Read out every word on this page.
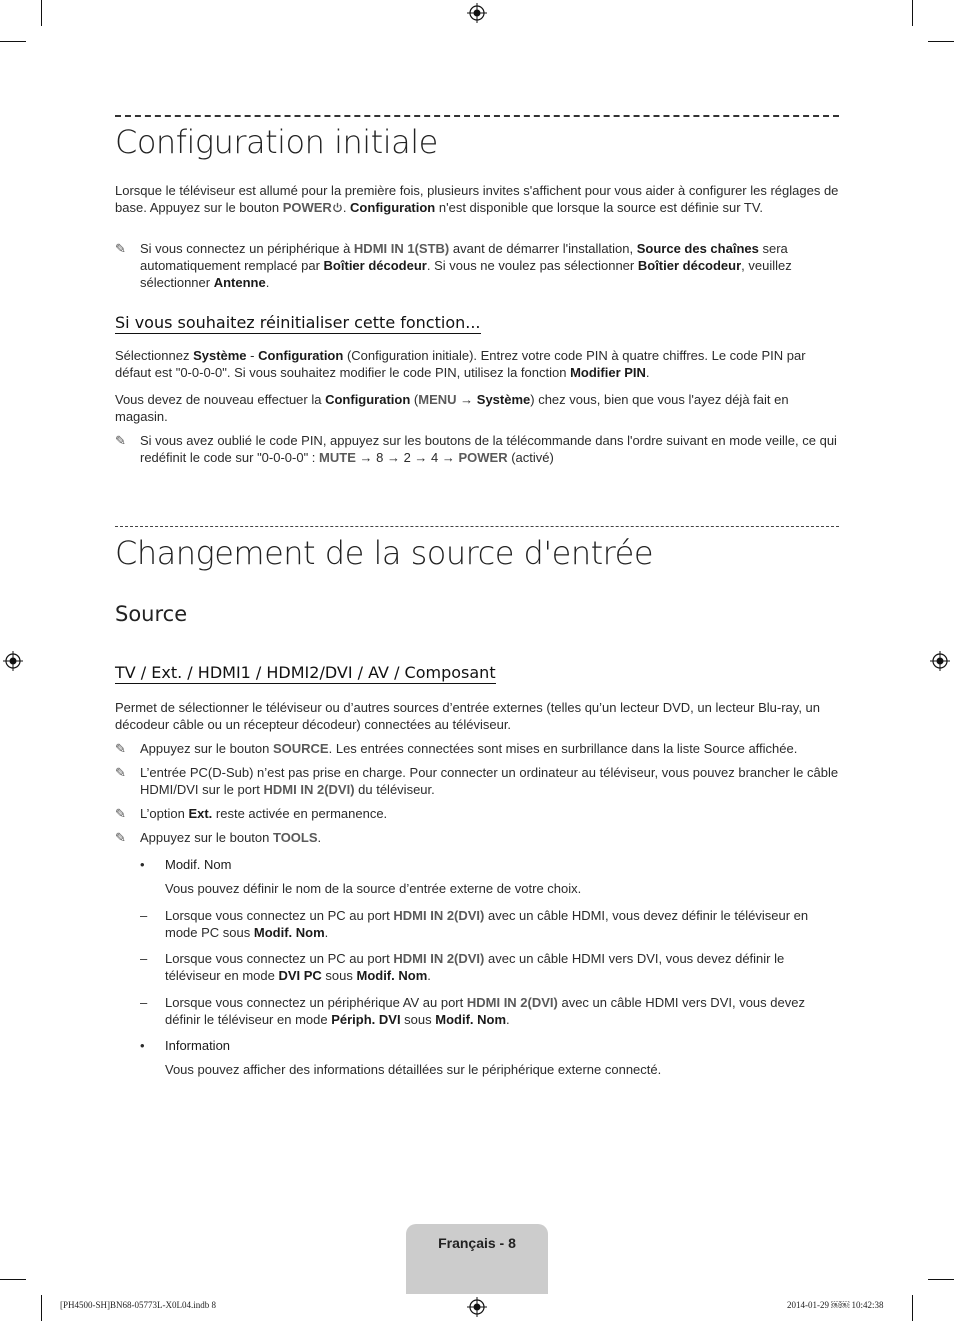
Configuration initiale

Lorsque le téléviseur est allumé pour la première fois, plusieurs invites s'affichent pour vous aider à configurer les réglages de base. Appuyez sur le bouton POWER . Configuration n'est disponible que lorsque la source est définie sur TV.

✎	Si vous connectez un périphérique à HDMI IN 1(STB) avant de démarrer l'installation, Source des chaînes sera automatiquement remplacé par Boîtier décodeur. Si vous ne voulez pas sélectionner Boîtier décodeur, veuillez sélectionner Antenne.
Si vous souhaitez réinitialiser cette fonction...

Sélectionnez Système - Configuration (Configuration initiale). Entrez votre code PIN à quatre chiffres. Le code PIN par défaut est "0-0-0-0". Si vous souhaitez modifier le code PIN, utilisez la fonction Modifier PIN.

Vous devez de nouveau effectuer la Configuration (MENU → Système) chez vous, bien que vous l'ayez déjà fait en magasin.

✎	Si vous avez oublié le code PIN, appuyez sur les boutons de la télécommande dans l'ordre suivant en mode veille, ce qui redéfinit le code sur "0-0-0-0" : MUTE → 8 → 2 → 4 → POWER (activé)
Changement de la source d'entrée
Source
TV / Ext. / HDMI1 / HDMI2/DVI / AV / Composant

Permet de sélectionner le téléviseur ou d’autres sources d’entrée externes (telles qu’un lecteur DVD, un lecteur Blu-ray, un décodeur câble ou un récepteur décodeur) connectées au téléviseur.

✎	Appuyez sur le bouton SOURCE. Les entrées connectées sont mises en surbrillance dans la liste Source affichée.
✎	L’entrée PC(D-Sub) n’est pas prise en charge. Pour connecter un ordinateur au téléviseur, vous pouvez brancher le câble HDMI/DVI sur le port HDMI IN 2(DVI) du téléviseur.
✎	L’option Ext. reste activée en permanence.
✎	Appuyez sur le bouton TOOLS.
• Modif. Nom
Vous pouvez définir le nom de la source d’entrée externe de votre choix.
– Lorsque vous connectez un PC au port HDMI IN 2(DVI) avec un câble HDMI, vous devez définir le téléviseur en mode PC sous Modif. Nom.
– Lorsque vous connectez un PC au port HDMI IN 2(DVI) avec un câble HDMI vers DVI, vous devez définir le téléviseur en mode DVI PC sous Modif. Nom.
– Lorsque vous connectez un périphérique AV au port HDMI IN 2(DVI) avec un câble HDMI vers DVI, vous devez définir le téléviseur en mode Périph. DVI sous Modif. Nom.
• Information
Vous pouvez afficher des informations détaillées sur le périphérique externe connecté.
Français - 8
[PH4500-SH]BN68-05773L-X0L04.indb 8	2014-01-29 ￼￼ 10:42:38
